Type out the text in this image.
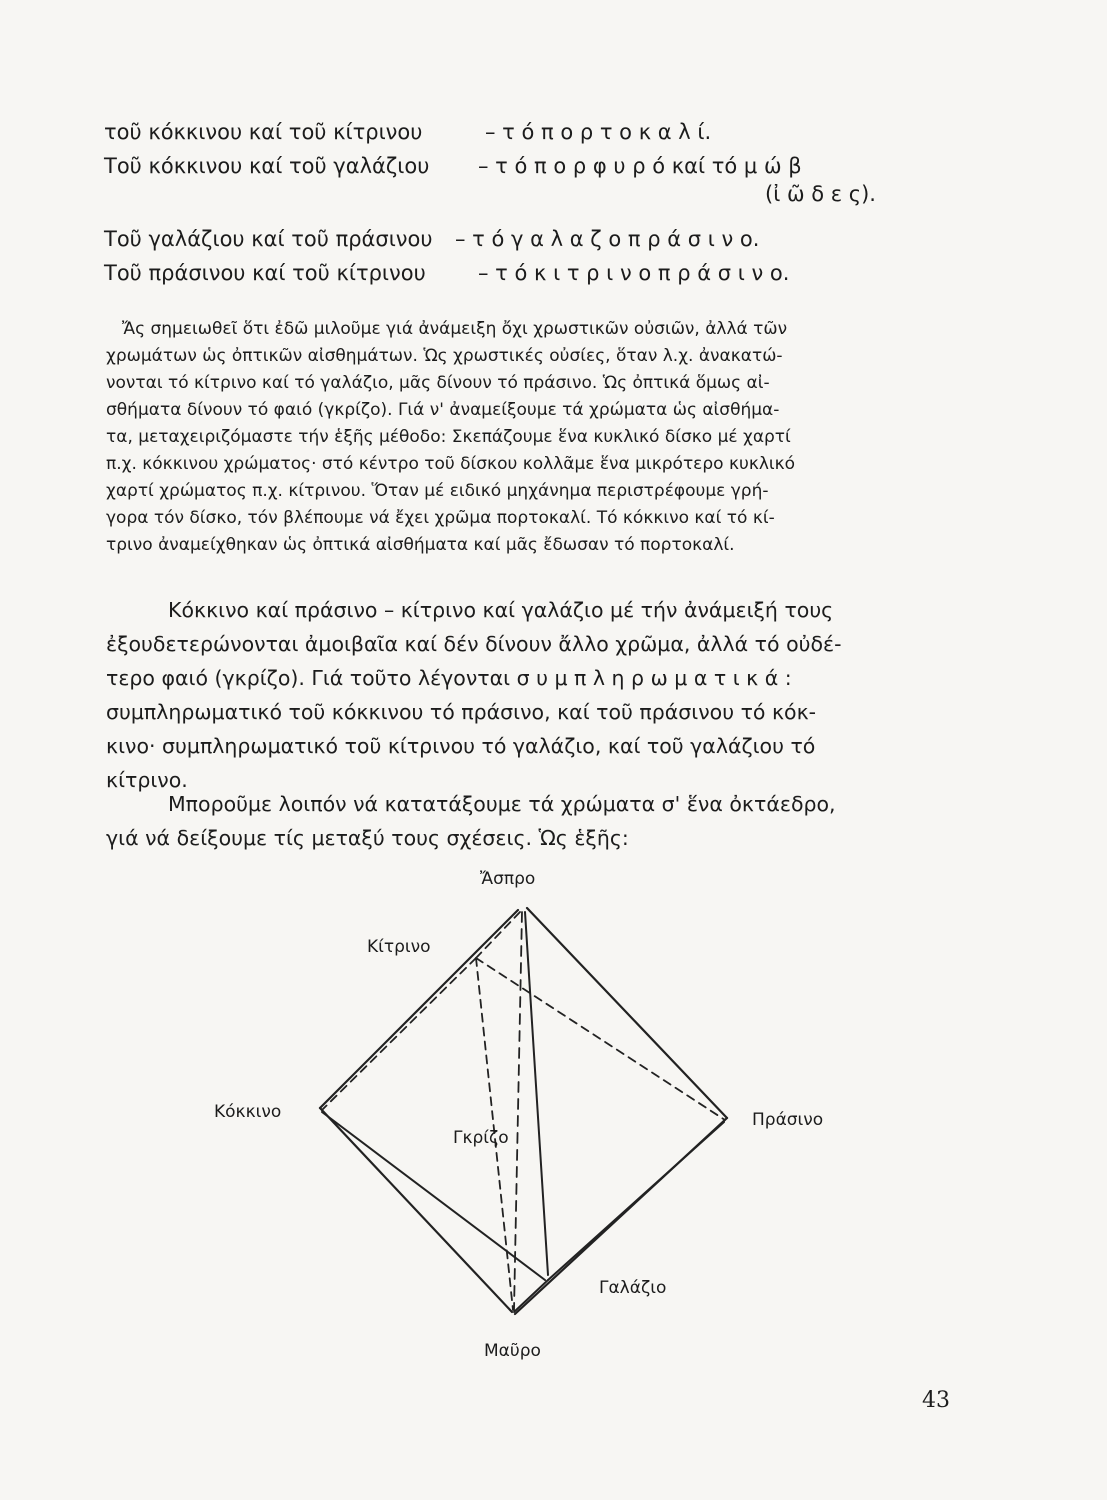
τοῦ κόκκινου καί τοῦ κίτρινου	– τ ό π ο ρ τ ο κ α λ ί.
Τοῦ κόκκινου καί τοῦ γαλάζιου – τ ό π ο ρ φ υ ρ ό καί τό μ ώ β
(ἰ ῶ δ ε ς).
Τοῦ γαλάζιου καί τοῦ πράσινου – τ ό γ α λ α ζ ο π ρ ά σ ι ν ο.
Τοῦ πράσινου καί τοῦ κίτρινου – τ ό κ ι τ ρ ι ν ο π ρ ά σ ι ν ο.
Ἄς σημειωθεῖ ὅτι ἐδῶ μιλοῦμε γιά ἀνάμειξη ὄχι χρωστικῶν οὐσιῶν, ἀλλά τῶν
χρωμάτων ὡς ὀπτικῶν αἰσθημάτων. Ὡς χρωστικές οὐσίες, ὅταν λ.χ. ἀνακατώ-
νονται τό κίτρινο καί τό γαλάζιο, μᾶς δίνουν τό πράσινο. Ὡς ὀπτικά ὅμως αἰ-
σθήματα δίνουν τό φαιό (γκρίζο). Γιά ν' ἀναμείξουμε τά χρώματα ὡς αἰσθήμα-
τα, μεταχειριζόμαστε τήν ἑξῆς μέθοδο: Σκεπάζουμε ἕνα κυκλικό δίσκο μέ χαρτί
π.χ. κόκκινου χρώματος· στό κέντρο τοῦ δίσκου κολλᾶμε ἕνα μικρότερο κυκλικό
χαρτί χρώματος π.χ. κίτρινου. Ὅταν μέ ειδικό μηχάνημα περιστρέφουμε γρή-
γορα τόν δίσκο, τόν βλέπουμε νά ἔχει χρῶμα πορτοκαλί. Τό κόκκινο καί τό κί-
τρινο ἀναμείχθηκαν ὡς ὀπτικά αἰσθήματα καί μᾶς ἔδωσαν τό πορτοκαλί.
Κόκκινο καί πράσινο – κίτρινο καί γαλάζιο μέ τήν ἀνάμειξή τους
ἐξουδετερώνονται ἀμοιβαῖα καί δέν δίνουν ἄλλο χρῶμα, ἀλλά τό οὐδέ-
τερο φαιό (γκρίζο). Γιά τοῦτο λέγονται σ υ μ π λ η ρ ω μ α τ ι κ ά :
συμπληρωματικό τοῦ κόκκινου τό πράσινο, καί τοῦ πράσινου τό κόκ-
κινο· συμπληρωματικό τοῦ κίτρινου τό γαλάζιο, καί τοῦ γαλάζιου τό
κίτρινο.
Μποροῦμε λοιπόν νά κατατάξουμε τά χρώματα σ' ἕνα ὀκτάεδρο,
γιά νά δείξουμε τίς μεταξύ τους σχέσεις. Ὡς ἑξῆς:
Ἄσπρο
Κίτρινο
Κόκκινο	Πράσινο
Γκρίζο
Γαλάζιο
Μαῦρο
43
